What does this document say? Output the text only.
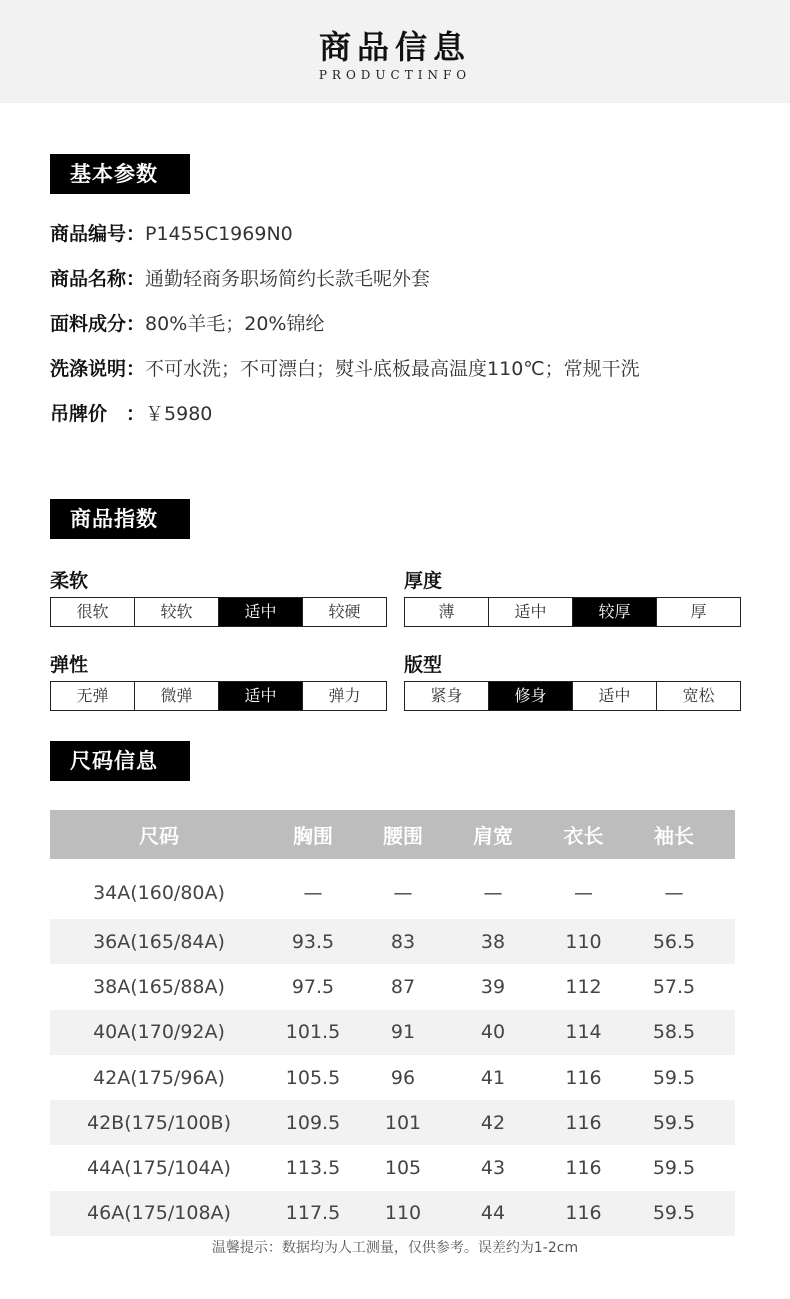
商品信息
PRODUCTINFO
基本参数
商品编号：P1455C1969N0
商品名称：通勤轻商务职场简约长款毛呢外套
面料成分：80%羊毛；20%锦纶
洗涤说明：不可水洗；不可漂白；熨斗底板最高温度110℃；常规干洗
吊牌价　：￥5980
商品指数
柔软
很软	较软	适中	较硬
厚度
薄	适中	较厚	厚
弹性
无弹	微弹	适中	弹力
版型
紧身	修身	适中	宽松
尺码信息
尺码	胸围	腰围	肩宽	衣长	袖长
34A(160/80A)	—	—	—	—	—
36A(165/84A)	93.5	83	38	110	56.5
38A(165/88A)	97.5	87	39	112	57.5
40A(170/92A)	101.5	91	40	114	58.5
42A(175/96A)	105.5	96	41	116	59.5
42B(175/100B)	109.5	101	42	116	59.5
44A(175/104A)	113.5	105	43	116	59.5
46A(175/108A)	117.5	110	44	116	59.5
温馨提示：数据均为人工测量，仅供参考。误差约为1-2cm
